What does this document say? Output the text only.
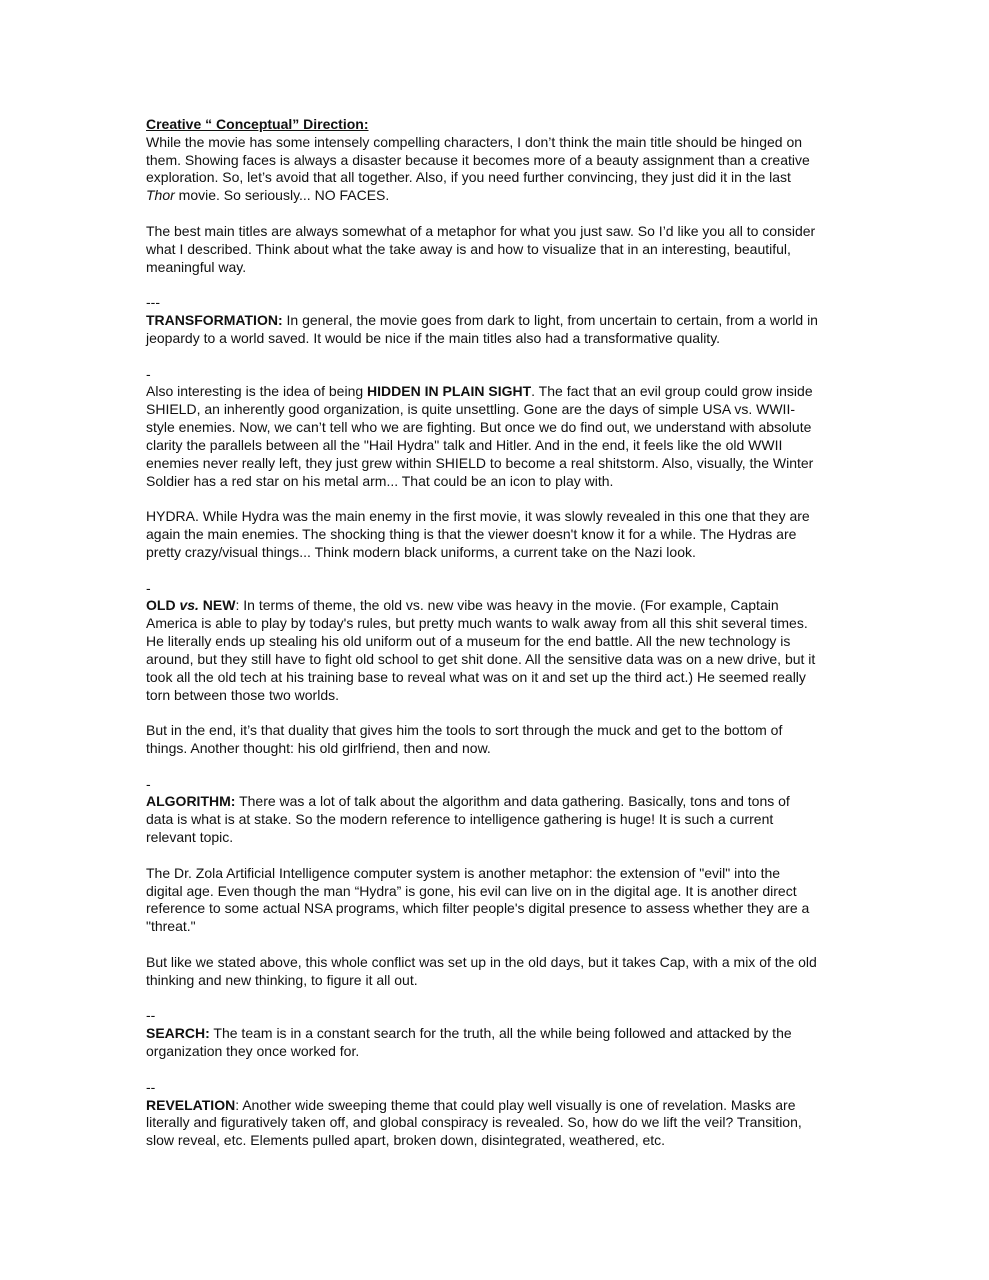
Creative “ Conceptual” Direction:
While the movie has some intensely compelling characters, I don’t think the main title should be hinged on
them. Showing faces is always a disaster because it becomes more of a beauty assignment than a creative
exploration. So, let’s avoid that all together. Also, if you need further convincing, they just did it in the last
Thor movie. So seriously... NO FACES.
The best main titles are always somewhat of a metaphor for what you just saw. So I’d like you all to consider
what I described. Think about what the take away is and how to visualize that in an interesting, beautiful,
meaningful way.
---
TRANSFORMATION: In general, the movie goes from dark to light, from uncertain to certain, from a world in
jeopardy to a world saved. It would be nice if the main titles also had a transformative quality.
-
Also interesting is the idea of being HIDDEN IN PLAIN SIGHT. The fact that an evil group could grow inside
SHIELD, an inherently good organization, is quite unsettling. Gone are the days of simple USA vs. WWII-
style enemies. Now, we can’t tell who we are fighting. But once we do find out, we understand with absolute
clarity the parallels between all the "Hail Hydra" talk and Hitler. And in the end, it feels like the old WWII
enemies never really left, they just grew within SHIELD to become a real shitstorm. Also, visually, the Winter
Soldier has a red star on his metal arm... That could be an icon to play with.
HYDRA. While Hydra was the main enemy in the first movie, it was slowly revealed in this one that they are
again the main enemies. The shocking thing is that the viewer doesn't know it for a while. The Hydras are
pretty crazy/visual things... Think modern black uniforms, a current take on the Nazi look.
-
OLD vs. NEW: In terms of theme, the old vs. new vibe was heavy in the movie. (For example, Captain
America is able to play by today's rules, but pretty much wants to walk away from all this shit several times.
He literally ends up stealing his old uniform out of a museum for the end battle. All the new technology is
around, but they still have to fight old school to get shit done. All the sensitive data was on a new drive, but it
took all the old tech at his training base to reveal what was on it and set up the third act.) He seemed really
torn between those two worlds.
But in the end, it’s that duality that gives him the tools to sort through the muck and get to the bottom of
things. Another thought: his old girlfriend, then and now.
-
ALGORITHM: There was a lot of talk about the algorithm and data gathering. Basically, tons and tons of
data is what is at stake. So the modern reference to intelligence gathering is huge! It is such a current
relevant topic.
The Dr. Zola Artificial Intelligence computer system is another metaphor: the extension of "evil" into the
digital age. Even though the man “Hydra” is gone, his evil can live on in the digital age. It is another direct
reference to some actual NSA programs, which filter people's digital presence to assess whether they are a
"threat."
But like we stated above, this whole conflict was set up in the old days, but it takes Cap, with a mix of the old
thinking and new thinking, to figure it all out.
--
SEARCH: The team is in a constant search for the truth, all the while being followed and attacked by the
organization they once worked for.
--
REVELATION: Another wide sweeping theme that could play well visually is one of revelation. Masks are
literally and figuratively taken off, and global conspiracy is revealed. So, how do we lift the veil? Transition,
slow reveal, etc. Elements pulled apart, broken down, disintegrated, weathered, etc.
